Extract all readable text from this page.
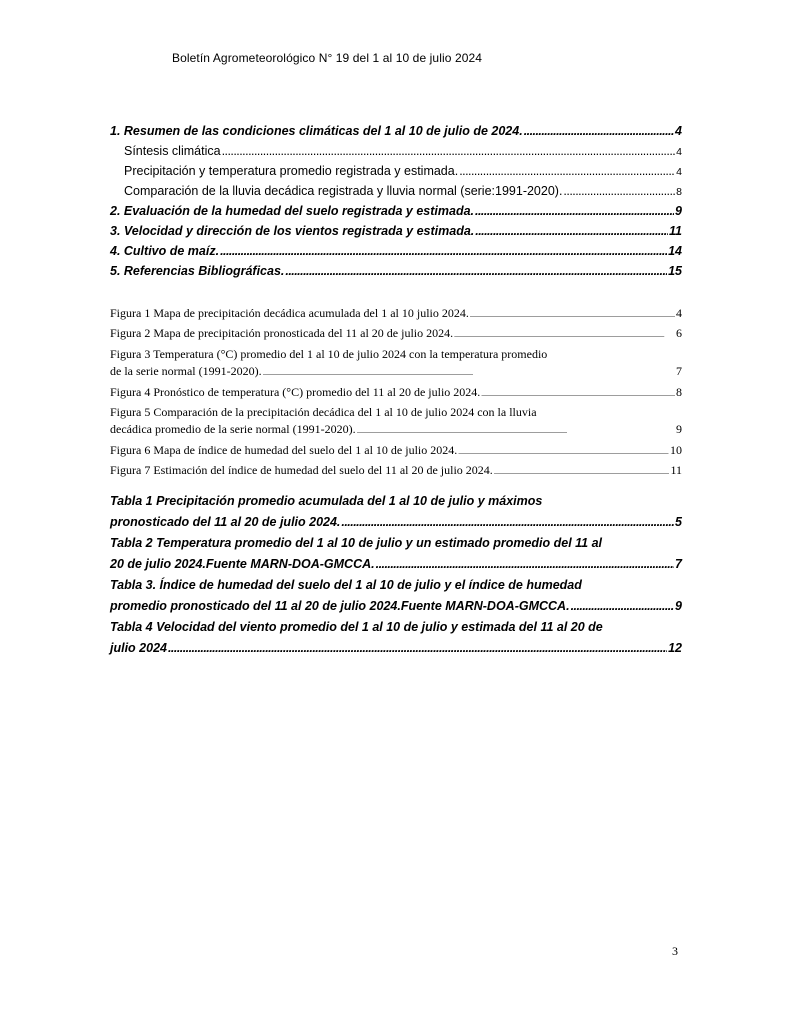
Boletín Agrometeorológico N° 19 del 1 al 10 de julio 2024
1. Resumen de las condiciones climáticas del 1 al 10 de julio de 2024. . . .	4
Síntesis climática . . .	4
Precipitación y temperatura promedio registrada y estimada. . . .	4
Comparación de la lluvia decádica registrada y lluvia normal (serie:1991-2020). . . .	8
2. Evaluación de la humedad del suelo registrada y estimada. . . .	9
3. Velocidad y dirección de los vientos registrada y estimada. . . .	11
4. Cultivo de maíz. . . .	14
5. Referencias Bibliográficas. . . .	15
Figura 1 Mapa de precipitación decádica acumulada del 1 al 10 julio 2024. . . .	4
Figura 2 Mapa de precipitación pronosticada del 11 al 20 de julio 2024. . . .	6
Figura 3 Temperatura (°C) promedio del 1 al 10 de julio 2024 con la temperatura promedio
de la serie normal (1991-2020). . . .	7
Figura 4 Pronóstico de temperatura (°C) promedio del 11 al 20 de julio 2024. . . .	8
Figura 5 Comparación de la precipitación decádica del 1 al 10 de julio 2024 con la lluvia
decádica promedio de la serie normal (1991-2020). . . .	9
Figura 6 Mapa de índice de humedad del suelo del 1 al 10 de julio 2024. . . .	10
Figura 7 Estimación del índice de humedad del suelo del 11 al 20 de julio 2024. . . .	11
Tabla 1 Precipitación promedio acumulada del 1 al 10 de julio y máximos
pronosticado del 11 al 20 de julio 2024. . . .	5
Tabla 2 Temperatura promedio del 1 al 10 de julio y un estimado promedio del 11 al
20 de julio 2024.Fuente MARN-DOA-GMCCA. . . .	7
Tabla 3. Índice de humedad del suelo del 1 al 10 de julio y el índice de humedad
promedio pronosticado del 11 al 20 de julio 2024.Fuente MARN-DOA-GMCCA. . . .	9
Tabla 4 Velocidad del viento promedio del 1 al 10 de julio y estimada del 11 al 20 de
julio 2024 . . .	12
3
